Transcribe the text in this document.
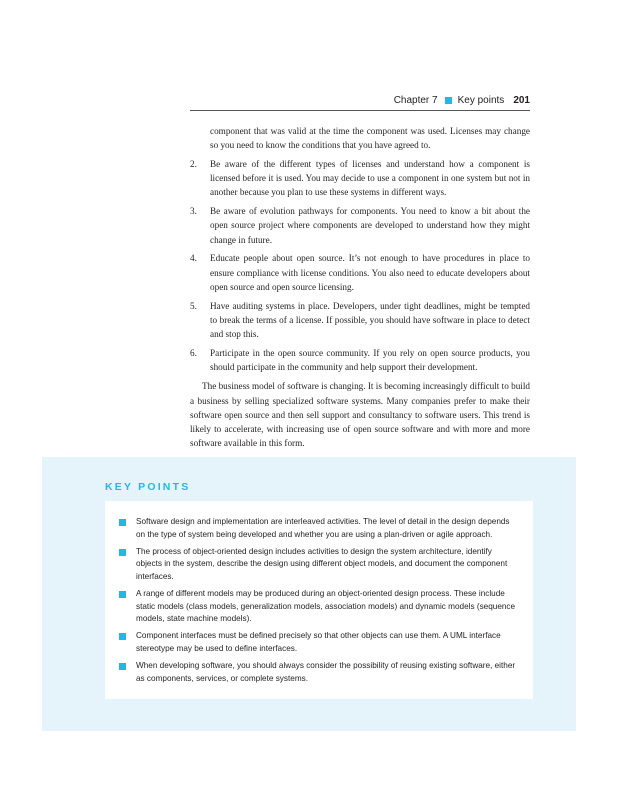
Chapter 7 Key points 201

component that was valid at the time the component was used. Licenses may change so you need to know the conditions that you have agreed to.

2. Be aware of the different types of licenses and understand how a component is licensed before it is used. You may decide to use a component in one system but not in another because you plan to use these systems in different ways.
3. Be aware of evolution pathways for components. You need to know a bit about the open source project where components are developed to understand how they might change in future.
4. Educate people about open source. It’s not enough to have procedures in place to ensure compliance with license conditions. You also need to educate developers about open source and open source licensing.
5. Have auditing systems in place. Developers, under tight deadlines, might be tempted to break the terms of a license. If possible, you should have software in place to detect and stop this.
6. Participate in the open source community. If you rely on open source products, you should participate in the community and help support their development.

The business model of software is changing. It is becoming increasingly difficult to build a business by selling specialized software systems. Many companies prefer to make their software open source and then sell support and consultancy to software users. This trend is likely to accelerate, with increasing use of open source software and with more and more software available in this form.

KEY POINTS
Software design and implementation are interleaved activities. The level of detail in the design depends on the type of system being developed and whether you are using a plan-driven or agile approach.
The process of object-oriented design includes activities to design the system architecture, identify objects in the system, describe the design using different object models, and document the component interfaces.
A range of different models may be produced during an object-oriented design process. These include static models (class models, generalization models, association models) and dynamic models (sequence models, state machine models).
Component interfaces must be defined precisely so that other objects can use them. A UML interface stereotype may be used to define interfaces.
When developing software, you should always consider the possibility of reusing existing software, either as components, services, or complete systems.
